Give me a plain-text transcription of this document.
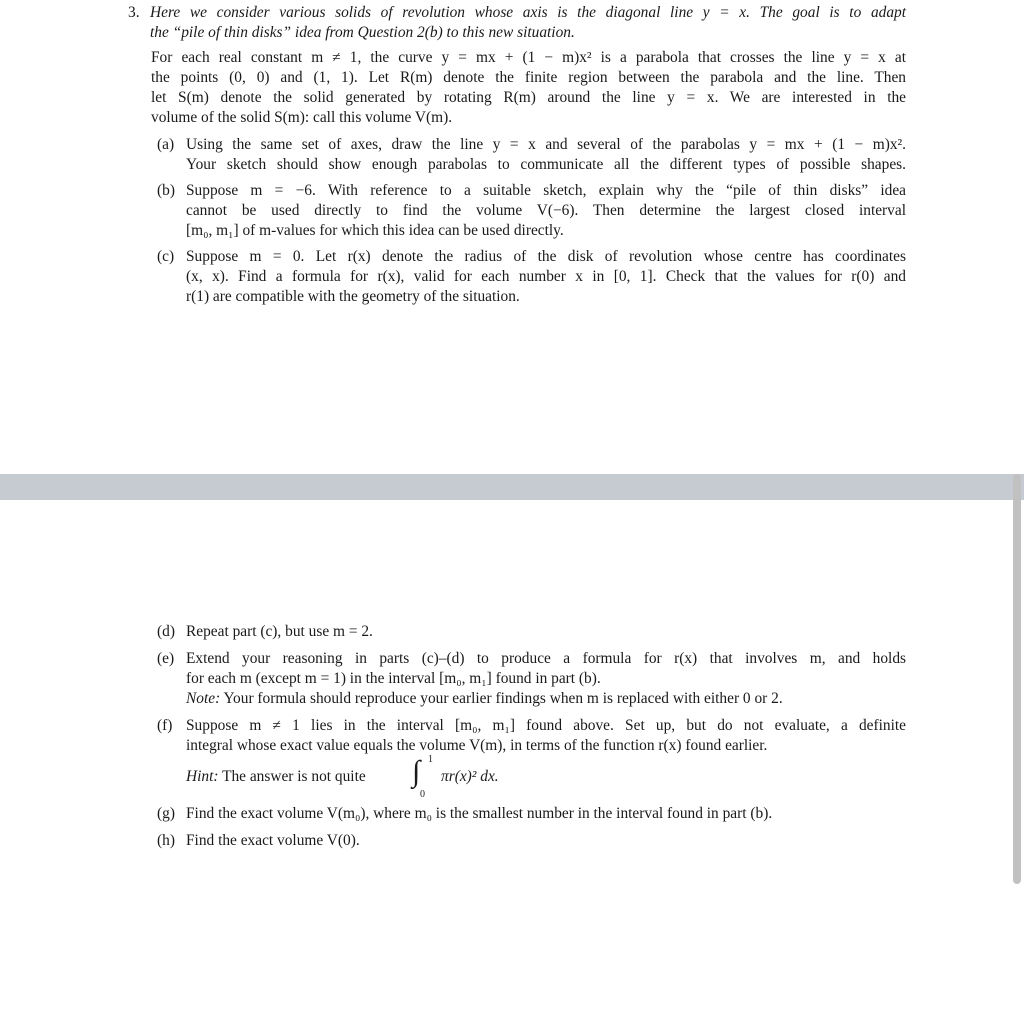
3. Here we consider various solids of revolution whose axis is the diagonal line y = x. The goal is to adapt
the “pile of thin disks” idea from Question 2(b) to this new situation.
For each real constant m ≠ 1, the curve y = mx + (1 − m)x² is a parabola that crosses the line y = x at
the points (0, 0) and (1, 1). Let R(m) denote the finite region between the parabola and the line. Then
let S(m) denote the solid generated by rotating R(m) around the line y = x. We are interested in the
volume of the solid S(m): call this volume V(m).
(a) Using the same set of axes, draw the line y = x and several of the parabolas y = mx + (1 − m)x².
Your sketch should show enough parabolas to communicate all the different types of possible shapes.
(b) Suppose m = −6. With reference to a suitable sketch, explain why the “pile of thin disks” idea
cannot be used directly to find the volume V(−6). Then determine the largest closed interval
[m₀, m₁] of m-values for which this idea can be used directly.
(c) Suppose m = 0. Let r(x) denote the radius of the disk of revolution whose centre has coordinates
(x, x). Find a formula for r(x), valid for each number x in [0, 1]. Check that the values for r(0) and
r(1) are compatible with the geometry of the situation.
(d) Repeat part (c), but use m = 2.
(e) Extend your reasoning in parts (c)–(d) to produce a formula for r(x) that involves m, and holds
for each m (except m = 1) in the interval [m₀, m₁] found in part (b).
Note: Your formula should reproduce your earlier findings when m is replaced with either 0 or 2.
(f) Suppose m ≠ 1 lies in the interval [m₀, m₁] found above. Set up, but do not evaluate, a definite
integral whose exact value equals the volume V(m), in terms of the function r(x) found earlier.
Hint: The answer is not quite ∫ 1
0
πr(x)² dx.
(g) Find the exact volume V(m₀), where m₀ is the smallest number in the interval found in part (b).
(h) Find the exact volume V(0).
